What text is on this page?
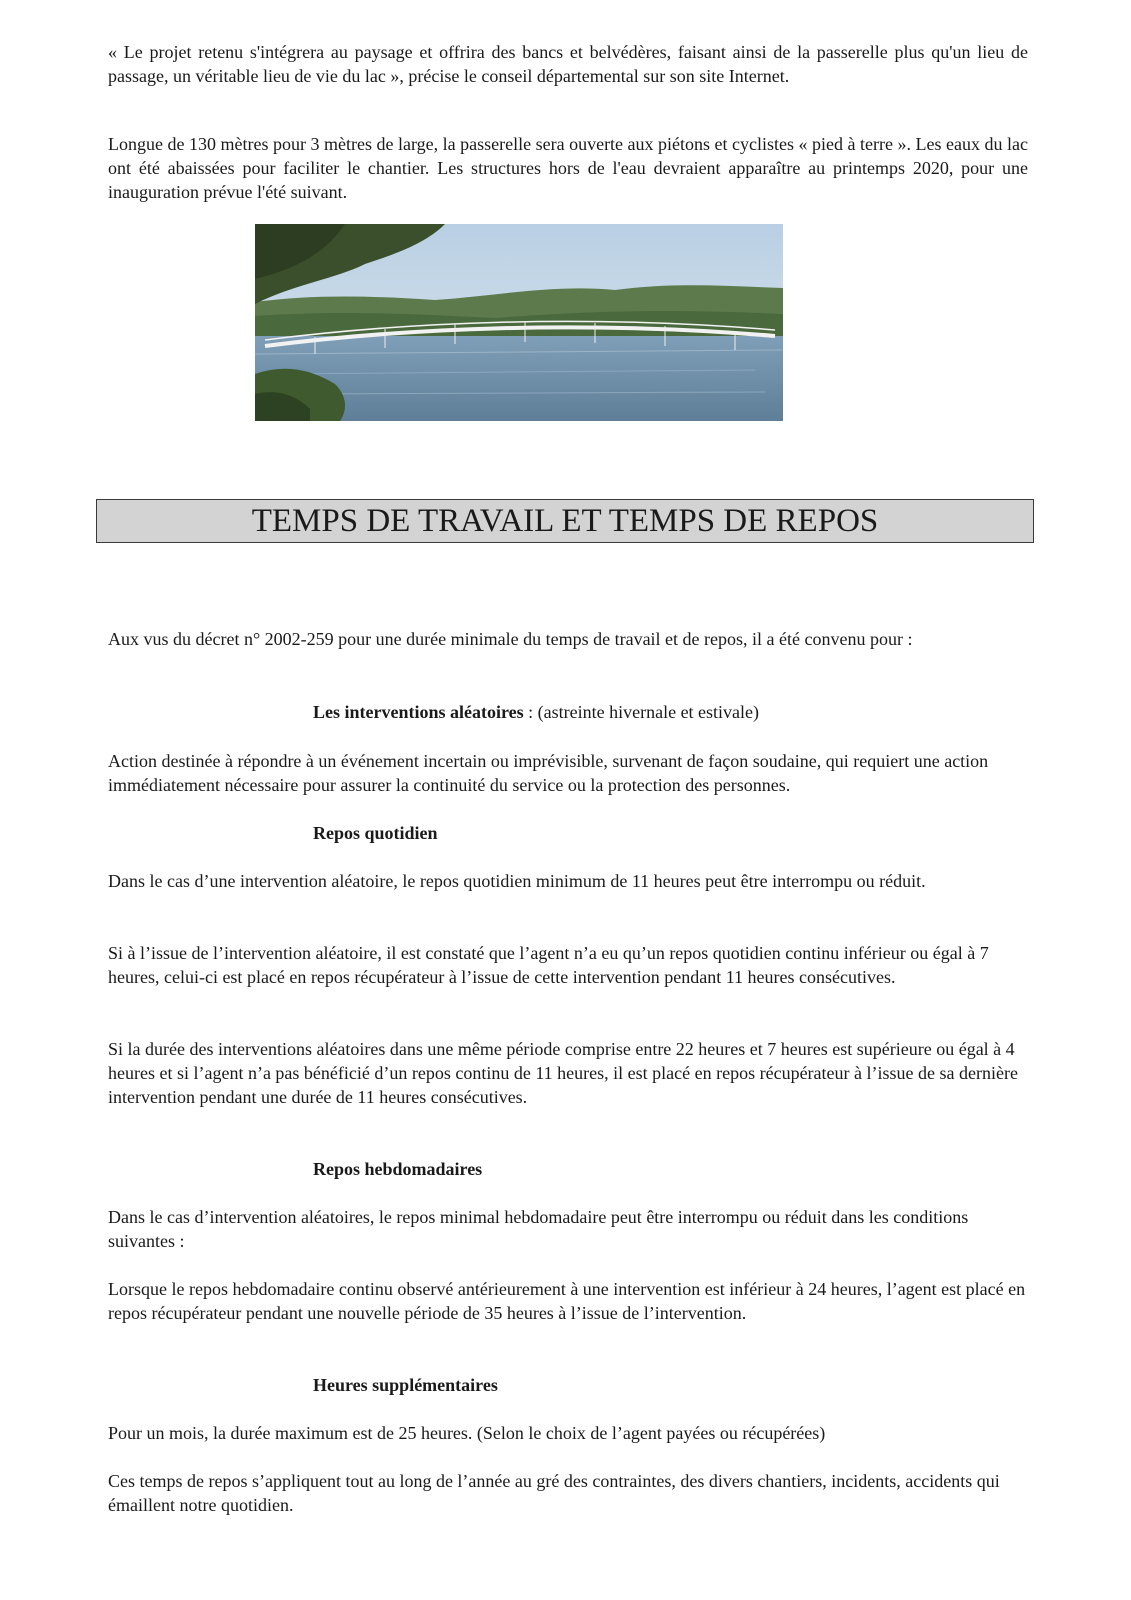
« Le projet retenu s'intégrera au paysage et offrira des bancs et belvédères, faisant ainsi de la passerelle plus qu'un lieu de passage, un véritable lieu de vie du lac », précise le conseil départemental sur son site Internet.

Longue de 130 mètres pour 3 mètres de large, la passerelle sera ouverte aux piétons et cyclistes « pied à terre ». Les eaux du lac ont été abaissées pour faciliter le chantier. Les structures hors de l'eau devraient apparaître au printemps 2020, pour une inauguration prévue l'été suivant.

TEMPS DE TRAVAIL ET TEMPS DE REPOS

Aux vus du décret n° 2002-259 pour une durée minimale du temps de travail et de repos, il a été convenu pour :

Les interventions aléatoires : (astreinte hivernale et estivale)

Action destinée à répondre à un événement incertain ou imprévisible, survenant de façon soudaine, qui requiert une action immédiatement nécessaire pour assurer la continuité du service ou la protection des personnes.

Repos quotidien

Dans le cas d’une intervention aléatoire, le repos quotidien minimum de 11 heures peut être interrompu ou réduit.

Si à l’issue de l’intervention aléatoire, il est constaté que l’agent n’a eu qu’un repos quotidien continu inférieur ou égal à 7 heures, celui-ci est placé en repos récupérateur à l’issue de cette intervention pendant 11 heures consécutives.

Si la durée des interventions aléatoires dans une même période comprise entre 22 heures et 7 heures est supérieure ou égal à 4 heures et si l’agent n’a pas bénéficié d’un repos continu de 11 heures, il est placé en repos récupérateur à l’issue de sa dernière intervention pendant une durée de 11 heures consécutives.

Repos hebdomadaires

Dans le cas d’intervention aléatoires, le repos minimal hebdomadaire peut être interrompu ou réduit dans les conditions suivantes :

Lorsque le repos hebdomadaire continu observé antérieurement à une intervention est inférieur à 24 heures, l’agent est placé en repos récupérateur pendant une nouvelle période de 35 heures à l’issue de l’intervention.

Heures supplémentaires

Pour un mois, la durée maximum est de 25 heures. (Selon le choix de l’agent payées ou récupérées)

Ces temps de repos s’appliquent tout au long de l’année au gré des contraintes, des divers chantiers, incidents, accidents qui émaillent notre quotidien.
